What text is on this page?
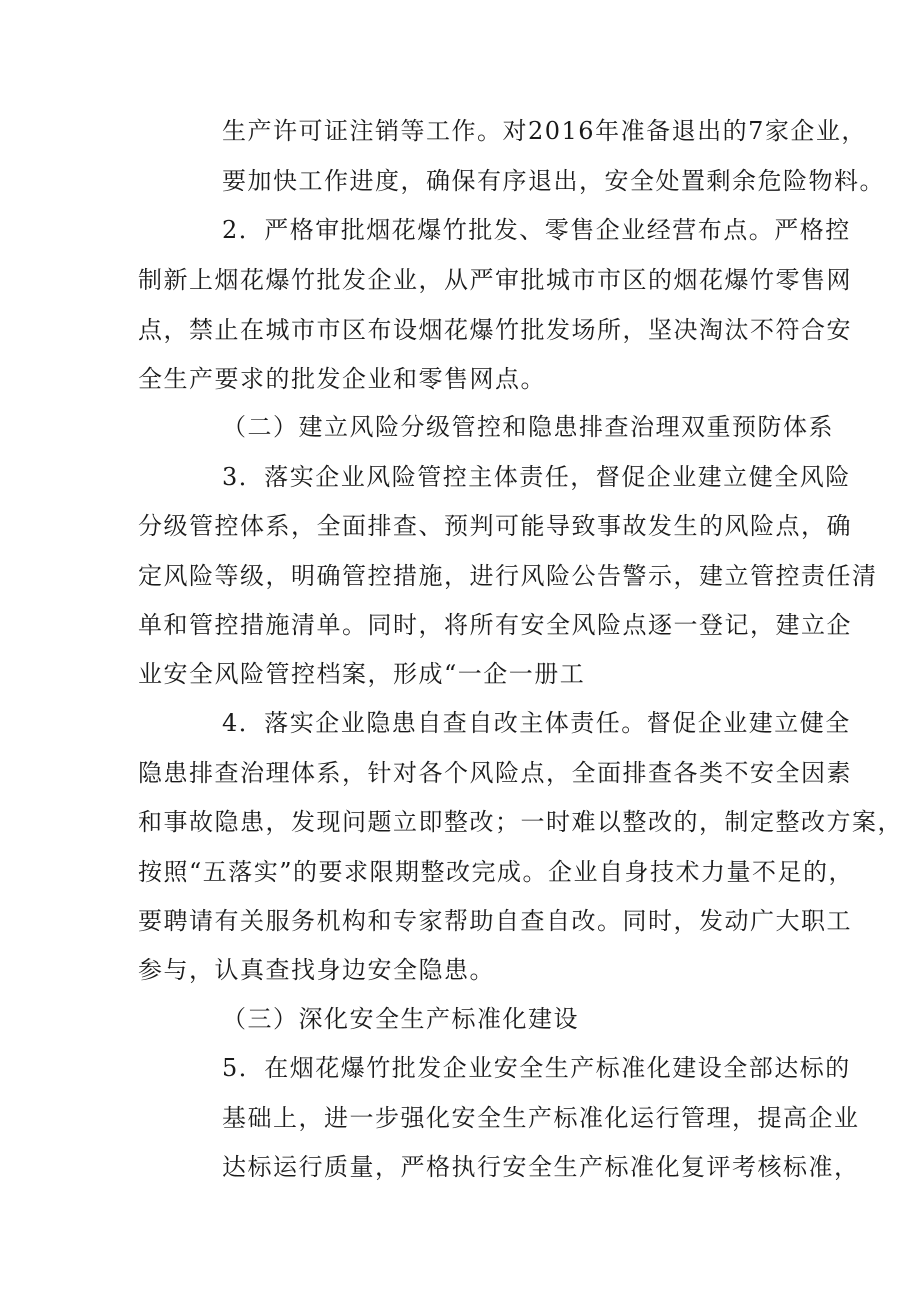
生产许可证注销等工作。对2016年准备退出的7家企业，
要加快工作进度，确保有序退出，安全处置剩余危险物料。
2．严格审批烟花爆竹批发、零售企业经营布点。严格控
制新上烟花爆竹批发企业，从严审批城市市区的烟花爆竹零售网
点，禁止在城市市区布设烟花爆竹批发场所，坚决淘汰不符合安
全生产要求的批发企业和零售网点。
（二）建立风险分级管控和隐患排查治理双重预防体系
3．落实企业风险管控主体责任，督促企业建立健全风险
分级管控体系，全面排查、预判可能导致事故发生的风险点，确
定风险等级，明确管控措施，进行风险公告警示，建立管控责任清
单和管控措施清单。同时，将所有安全风险点逐一登记，建立企
业安全风险管控档案，形成“一企一册工
4．落实企业隐患自查自改主体责任。督促企业建立健全
隐患排查治理体系，针对各个风险点，全面排查各类不安全因素
和事故隐患，发现问题立即整改；一时难以整改的，制定整改方案，
按照“五落实”的要求限期整改完成。企业自身技术力量不足的，
要聘请有关服务机构和专家帮助自查自改。同时，发动广大职工
参与，认真查找身边安全隐患。
（三）深化安全生产标准化建设
5．在烟花爆竹批发企业安全生产标准化建设全部达标的
基础上，进一步强化安全生产标准化运行管理，提高企业
达标运行质量，严格执行安全生产标准化复评考核标准，
